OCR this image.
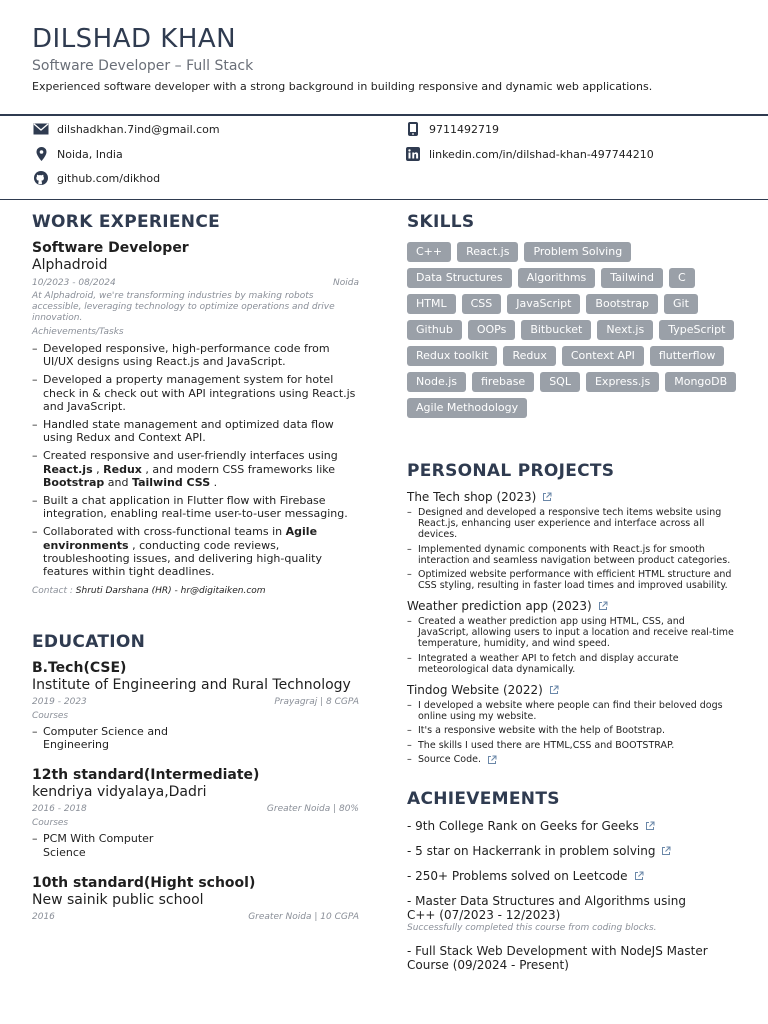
DILSHAD KHAN
Software Developer – Full Stack
Experienced software developer with a strong background in building responsive and dynamic web applications.
dilshadkhan.7ind@gmail.com	9711492719
Noida, India	linkedin.com/in/dilshad-khan-497744210
github.com/dikhod
WORK EXPERIENCE
Software Developer
Alphadroid
10/2023 - 08/2024	Noida
At Alphadroid, we're transforming industries by making robots accessible, leveraging technology to optimize operations and drive innovation.
Achievements/Tasks
– Developed responsive, high-performance code from UI/UX designs using React.js and JavaScript.
– Developed a property management system for hotel check in & check out with API integrations using React.js and JavaScript.
– Handled state management and optimized data flow using Redux and Context API.
– Created responsive and user-friendly interfaces using React.js , Redux , and modern CSS frameworks like Bootstrap and Tailwind CSS .
– Built a chat application in Flutter flow with Firebase integration, enabling real-time user-to-user messaging.
– Collaborated with cross-functional teams in Agile environments , conducting code reviews, troubleshooting issues, and delivering high-quality features within tight deadlines.
Contact : Shruti Darshana (HR) - hr@digitaiken.com
EDUCATION
B.Tech(CSE)
Institute of Engineering and Rural Technology
2019 - 2023	Prayagraj | 8 CGPA
Courses
– Computer Science and Engineering
12th standard(Intermediate)
kendriya vidyalaya,Dadri
2016 - 2018	Greater Noida | 80%
Courses
– PCM With Computer Science
10th standard(Hight school)
New sainik public school
2016	Greater Noida | 10 CGPA
SKILLS
C++	React.js	Problem Solving
Data Structures	Algorithms	Tailwind	C
HTML	CSS	JavaScript	Bootstrap	Git
Github	OOPs	Bitbucket	Next.js	TypeScript
Redux toolkit	Redux	Context API	flutterflow
Node.js	firebase	SQL	Express.js	MongoDB
Agile Methodology
PERSONAL PROJECTS
The Tech shop (2023)
– Designed and developed a responsive tech items website using React.js, enhancing user experience and interface across all devices.
– Implemented dynamic components with React.js for smooth interaction and seamless navigation between product categories.
– Optimized website performance with efficient HTML structure and CSS styling, resulting in faster load times and improved usability.
Weather prediction app (2023)
– Created a weather prediction app using HTML, CSS, and JavaScript, allowing users to input a location and receive real-time temperature, humidity, and wind speed.
– Integrated a weather API to fetch and display accurate meteorological data dynamically.
Tindog Website (2022)
– I developed a website where people can find their beloved dogs online using my website.
– It's a responsive website with the help of Bootstrap.
– The skills I used there are HTML,CSS and BOOTSTRAP.
– Source Code.
ACHIEVEMENTS
- 9th College Rank on Geeks for Geeks
- 5 star on Hackerrank in problem solving
- 250+ Problems solved on Leetcode
- Master Data Structures and Algorithms using C++ (07/2023 - 12/2023)
Successfully completed this course from coding blocks.
- Full Stack Web Development with NodeJS Master Course (09/2024 - Present)
